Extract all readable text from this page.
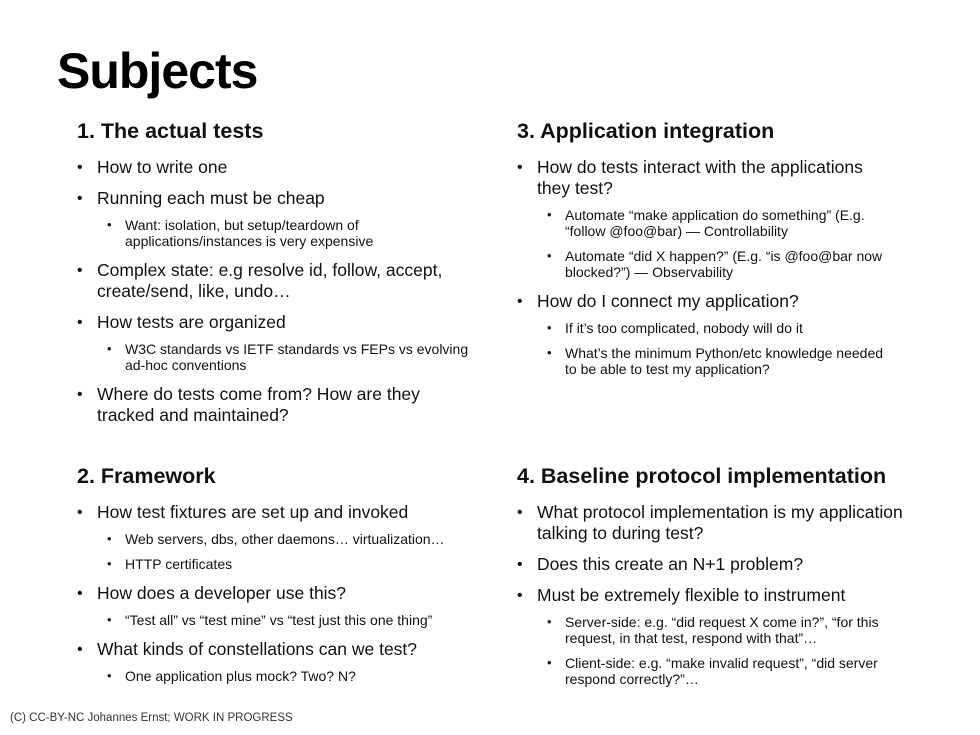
Subjects
1. The actual tests
• How to write one
• Running each must be cheap
• Want: isolation, but setup/teardown of applications/instances is very expensive
• Complex state: e.g resolve id, follow, accept, create/send, like, undo…
• How tests are organized
• W3C standards vs IETF standards vs FEPs vs evolving ad-hoc conventions
• Where do tests come from? How are they tracked and maintained?
2. Framework
• How test fixtures are set up and invoked
• Web servers, dbs, other daemons… virtualization…
• HTTP certificates
• How does a developer use this?
• “Test all” vs “test mine” vs “test just this one thing”
• What kinds of constellations can we test?
• One application plus mock? Two? N?
3. Application integration
• How do tests interact with the applications they test?
• Automate “make application do something” (E.g. “follow @foo@bar) — Controllability
• Automate “did X happen?” (E.g. “is @foo@bar now blocked?”) — Observability
• How do I connect my application?
• If it’s too complicated, nobody will do it
• What’s the minimum Python/etc knowledge needed to be able to test my application?
4. Baseline protocol implementation
• What protocol implementation is my application talking to during test?
• Does this create an N+1 problem?
• Must be extremely flexible to instrument
• Server-side: e.g. “did request X come in?”, “for this request, in that test, respond with that”…
• Client-side: e.g. “make invalid request”, “did server respond correctly?”…
(C) CC-BY-NC Johannes Ernst; WORK IN PROGRESS
